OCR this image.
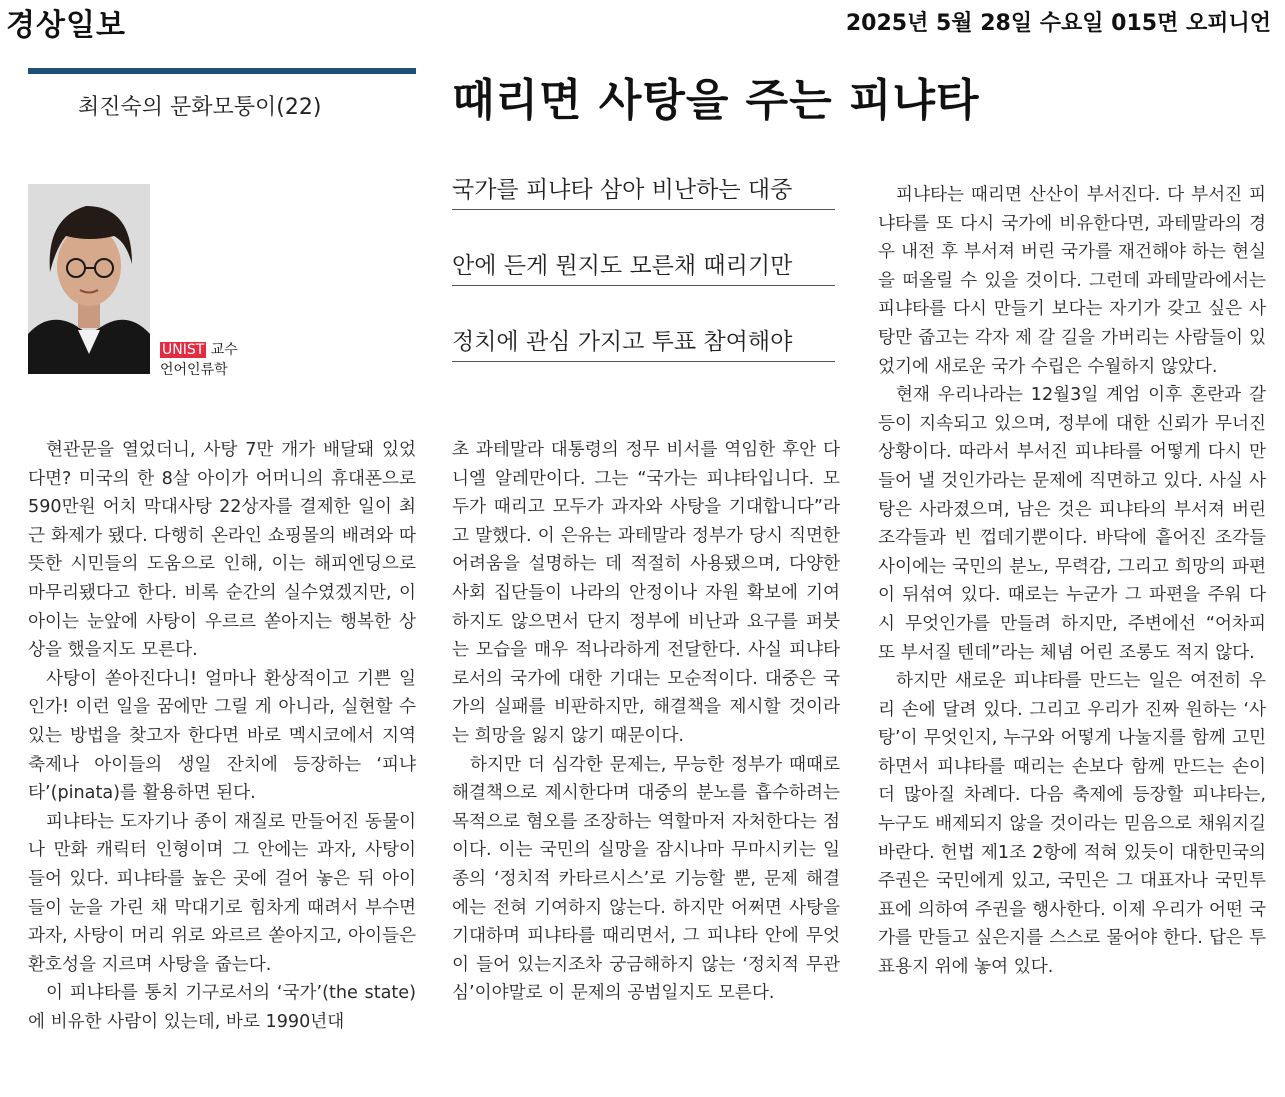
경상일보	2025년 5월 28일 수요일 015면 오피니언
최진숙의 문화모퉁이(22)	때리면 사탕을 주는 피냐타
UNIST 교수
언어인류학
국가를 피냐타 삼아 비난하는 대중
안에 든게 뭔지도 모른채 때리기만
정치에 관심 가지고 투표 참여해야

현관문을 열었더니, 사탕 7만 개가 배달돼 있었다면? 미국의 한 8살 아이가 어머니의 휴대폰으로 590만원 어치 막대사탕 22상자를 결제한 일이 최근 화제가 됐다. 다행히 온라인 쇼핑몰의 배려와 따뜻한 시민들의 도움으로 인해, 이는 해피엔딩으로 마무리됐다고 한다. 비록 순간의 실수였겠지만, 이 아이는 눈앞에 사탕이 우르르 쏟아지는 행복한 상상을 했을지도 모른다.

사탕이 쏟아진다니! 얼마나 환상적이고 기쁜 일인가! 이런 일을 꿈에만 그릴 게 아니라, 실현할 수 있는 방법을 찾고자 한다면 바로 멕시코에서 지역 축제나 아이들의 생일 잔치에 등장하는 ‘피냐타’(pinata)를 활용하면 된다.

피냐타는 도자기나 종이 재질로 만들어진 동물이나 만화 캐릭터 인형이며 그 안에는 과자, 사탕이 들어 있다. 피냐타를 높은 곳에 걸어 놓은 뒤 아이들이 눈을 가린 채 막대기로 힘차게 때려서 부수면 과자, 사탕이 머리 위로 와르르 쏟아지고, 아이들은 환호성을 지르며 사탕을 줍는다.

이 피냐타를 통치 기구로서의 ‘국가’(the state)에 비유한 사람이 있는데, 바로 1990년대

초 과테말라 대통령의 정무 비서를 역임한 후안 다니엘 알레만이다. 그는 “국가는 피냐타입니다. 모두가 때리고 모두가 과자와 사탕을 기대합니다”라고 말했다. 이 은유는 과테말라 정부가 당시 직면한 어려움을 설명하는 데 적절히 사용됐으며, 다양한 사회 집단들이 나라의 안정이나 자원 확보에 기여하지도 않으면서 단지 정부에 비난과 요구를 퍼붓는 모습을 매우 적나라하게 전달한다. 사실 피냐타로서의 국가에 대한 기대는 모순적이다. 대중은 국가의 실패를 비판하지만, 해결책을 제시할 것이라는 희망을 잃지 않기 때문이다.

하지만 더 심각한 문제는, 무능한 정부가 때때로 해결책으로 제시한다며 대중의 분노를 흡수하려는 목적으로 혐오를 조장하는 역할마저 자처한다는 점이다. 이는 국민의 실망을 잠시나마 무마시키는 일종의 ‘정치적 카타르시스’로 기능할 뿐, 문제 해결에는 전혀 기여하지 않는다. 하지만 어쩌면 사탕을 기대하며 피냐타를 때리면서, 그 피냐타 안에 무엇이 들어 있는지조차 궁금해하지 않는 ‘정치적 무관심’이야말로 이 문제의 공범일지도 모른다.

피냐타는 때리면 산산이 부서진다. 다 부서진 피냐타를 또 다시 국가에 비유한다면, 과테말라의 경우 내전 후 부서져 버린 국가를 재건해야 하는 현실을 떠올릴 수 있을 것이다. 그런데 과테말라에서는 피냐타를 다시 만들기 보다는 자기가 갖고 싶은 사탕만 줍고는 각자 제 갈 길을 가버리는 사람들이 있었기에 새로운 국가 수립은 수월하지 않았다.

현재 우리나라는 12월3일 계엄 이후 혼란과 갈등이 지속되고 있으며, 정부에 대한 신뢰가 무너진 상황이다. 따라서 부서진 피냐타를 어떻게 다시 만들어 낼 것인가라는 문제에 직면하고 있다. 사실 사탕은 사라졌으며, 남은 것은 피냐타의 부서져 버린 조각들과 빈 껍데기뿐이다. 바닥에 흩어진 조각들 사이에는 국민의 분노, 무력감, 그리고 희망의 파편이 뒤섞여 있다. 때로는 누군가 그 파편을 주워 다시 무엇인가를 만들려 하지만, 주변에선 “어차피 또 부서질 텐데”라는 체념 어린 조롱도 적지 않다.

하지만 새로운 피냐타를 만드는 일은 여전히 우리 손에 달려 있다. 그리고 우리가 진짜 원하는 ‘사탕’이 무엇인지, 누구와 어떻게 나눌지를 함께 고민하면서 피냐타를 때리는 손보다 함께 만드는 손이 더 많아질 차례다. 다음 축제에 등장할 피냐타는, 누구도 배제되지 않을 것이라는 믿음으로 채워지길 바란다. 헌법 제1조 2항에 적혀 있듯이 대한민국의 주권은 국민에게 있고, 국민은 그 대표자나 국민투표에 의하여 주권을 행사한다. 이제 우리가 어떤 국가를 만들고 싶은지를 스스로 물어야 한다. 답은 투표용지 위에 놓여 있다.
